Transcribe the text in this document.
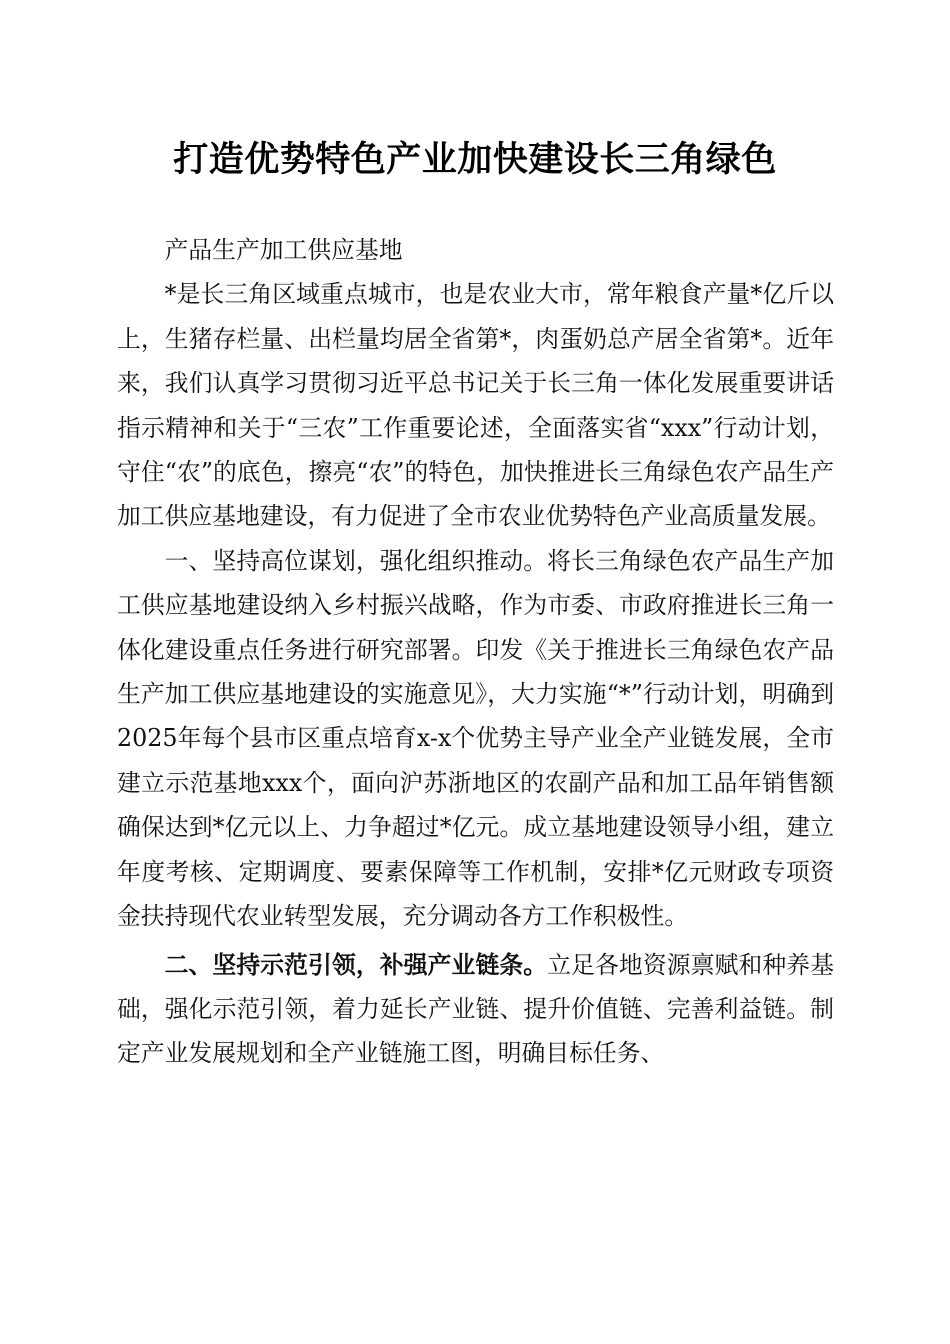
打造优势特色产业加快建设长三角绿色

产品生产加工供应基地

*是长三角区域重点城市，也是农业大市，常年粮食产量*亿斤以上，生猪存栏量、出栏量均居全省第*，肉蛋奶总产居全省第*。近年来，我们认真学习贯彻习近平总书记关于长三角一体化发展重要讲话指示精神和关于“三农”工作重要论述，全面落实省“xxx”行动计划，守住“农”的底色，擦亮“农”的特色，加快推进长三角绿色农产品生产加工供应基地建设，有力促进了全市农业优势特色产业高质量发展。

一、坚持高位谋划，强化组织推动。将长三角绿色农产品生产加工供应基地建设纳入乡村振兴战略，作为市委、市政府推进长三角一体化建设重点任务进行研究部署。印发《关于推进长三角绿色农产品生产加工供应基地建设的实施意见》，大力实施“*”行动计划，明确到2025年每个县市区重点培育x-x个优势主导产业全产业链发展，全市建立示范基地xxx个，面向沪苏浙地区的农副产品和加工品年销售额确保达到*亿元以上、力争超过*亿元。成立基地建设领导小组，建立年度考核、定期调度、要素保障等工作机制，安排*亿元财政专项资金扶持现代农业转型发展，充分调动各方工作积极性。

二、坚持示范引领，补强产业链条。立足各地资源禀赋和种养基础，强化示范引领，着力延长产业链、提升价值链、完善利益链。制定产业发展规划和全产业链施工图，明确目标任务、
